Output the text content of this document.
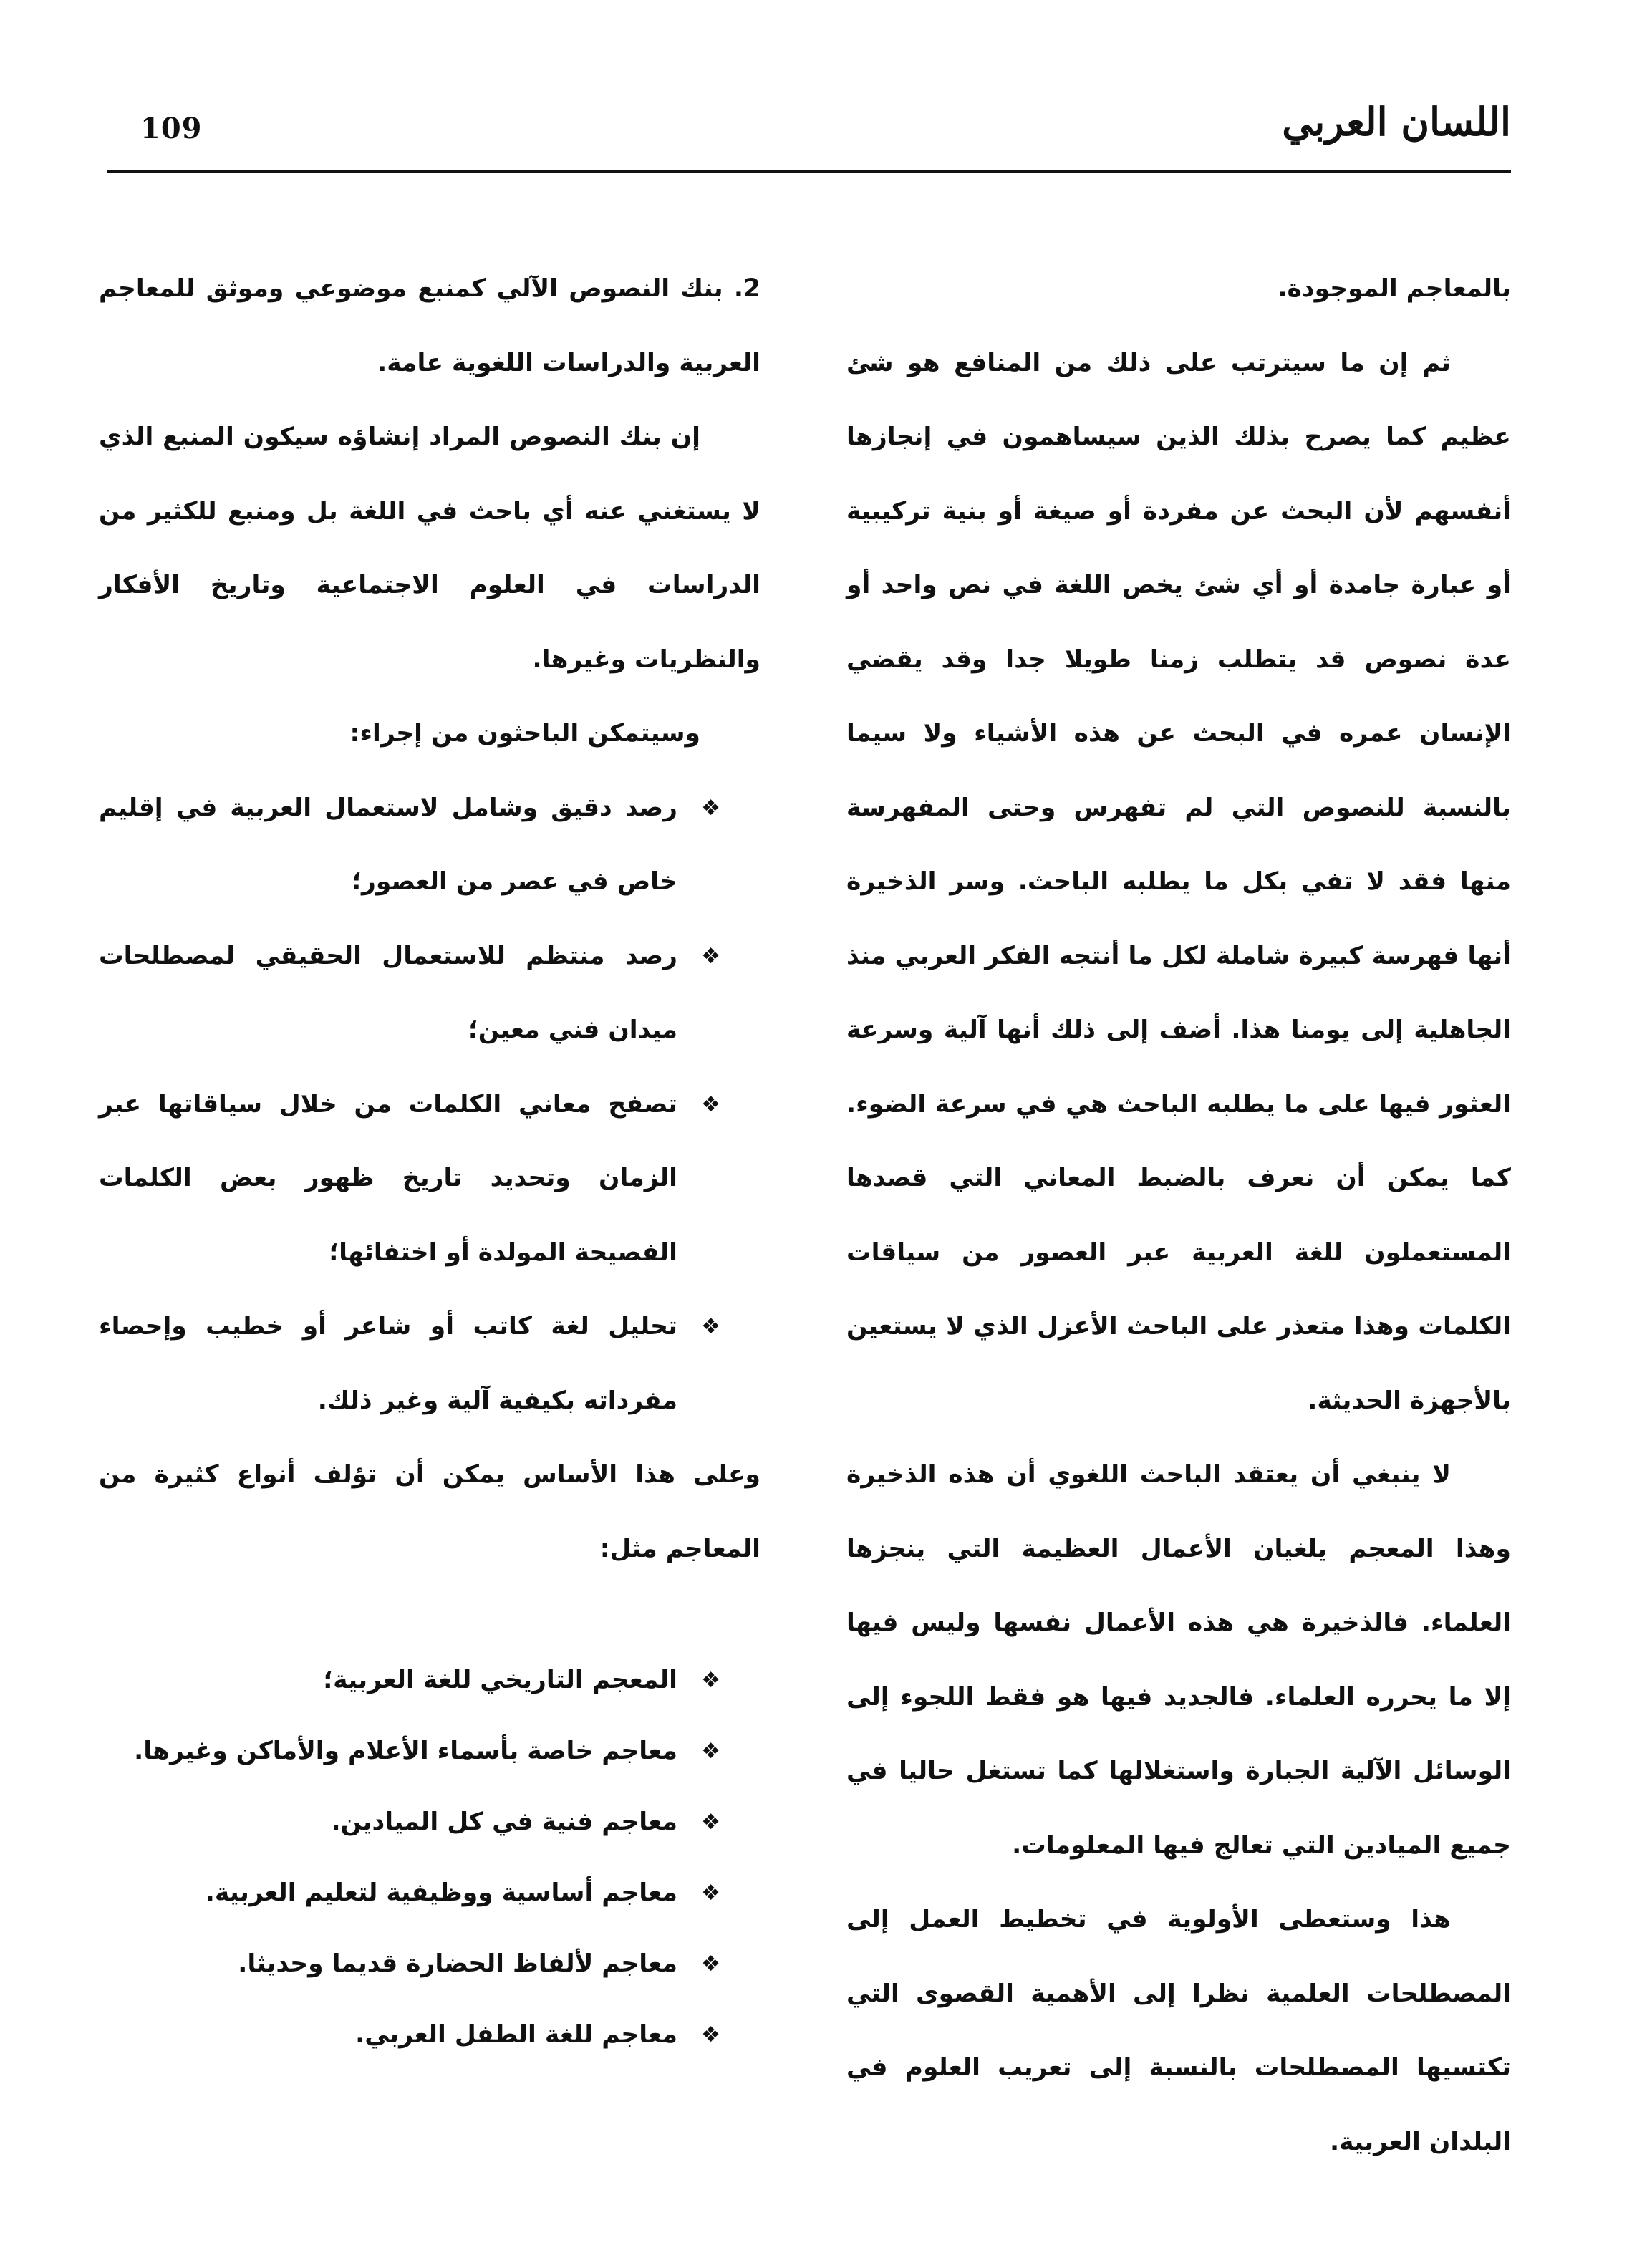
109	اللسان العربي

بالمعاجم الموجودة.

ثم إن ما سيترتب على ذلك من المنافع هو شئ عظيم كما يصرح بذلك الذين سيساهمون في إنجازها أنفسهم لأن البحث عن مفردة أو صيغة أو بنية تركيبية أو عبارة جامدة أو أي شئ يخص اللغة في نص واحد أو عدة نصوص قد يتطلب زمنا طويلا جدا وقد يقضي الإنسان عمره في البحث عن هذه الأشياء ولا سيما بالنسبة للنصوص التي لم تفهرس وحتى المفهرسة منها فقد لا تفي بكل ما يطلبه الباحث. وسر الذخيرة أنها فهرسة كبيرة شاملة لكل ما أنتجه الفكر العربي منذ الجاهلية إلى يومنا هذا. أضف إلى ذلك أنها آلية وسرعة العثور فيها على ما يطلبه الباحث هي في سرعة الضوء. كما يمكن أن نعرف بالضبط المعاني التي قصدها المستعملون للغة العربية عبر العصور من سياقات الكلمات وهذا متعذر على الباحث الأعزل الذي لا يستعين بالأجهزة الحديثة.

لا ينبغي أن يعتقد الباحث اللغوي أن هذه الذخيرة وهذا المعجم يلغيان الأعمال العظيمة التي ينجزها العلماء. فالذخيرة هي هذه الأعمال نفسها وليس فيها إلا ما يحرره العلماء. فالجديد فيها هو فقط اللجوء إلى الوسائل الآلية الجبارة واستغلالها كما تستغل حاليا في جميع الميادين التي تعالج فيها المعلومات.

هذا وستعطى الأولوية في تخطيط العمل إلى المصطلحات العلمية نظرا إلى الأهمية القصوى التي تكتسيها المصطلحات بالنسبة إلى تعريب العلوم في البلدان العربية.

2. بنك النصوص الآلي كمنبع موضوعي وموثق للمعاجم العربية والدراسات اللغوية عامة.

إن بنك النصوص المراد إنشاؤه سيكون المنبع الذي لا يستغني عنه أي باحث في اللغة بل ومنبع للكثير من الدراسات في العلوم الاجتماعية وتاريخ الأفكار والنظريات وغيرها.

وسيتمكن الباحثون من إجراء:

❖
رصد دقيق وشامل لاستعمال العربية في إقليم خاص في عصر من العصور؛
❖
رصد منتظم للاستعمال الحقيقي لمصطلحات ميدان فني معين؛
❖
تصفح معاني الكلمات من خلال سياقاتها عبر الزمان وتحديد تاريخ ظهور بعض الكلمات الفصيحة المولدة أو اختفائها؛
❖
تحليل لغة كاتب أو شاعر أو خطيب وإحصاء مفرداته بكيفية آلية وغير ذلك.

وعلى هذا الأساس يمكن أن تؤلف أنواع كثيرة من المعاجم مثل:

❖
المعجم التاريخي للغة العربية؛
❖
معاجم خاصة بأسماء الأعلام والأماكن وغيرها.
❖
معاجم فنية في كل الميادين.
❖
معاجم أساسية ووظيفية لتعليم العربية.
❖
معاجم لألفاظ الحضارة قديما وحديثا.
❖
معاجم للغة الطفل العربي.
